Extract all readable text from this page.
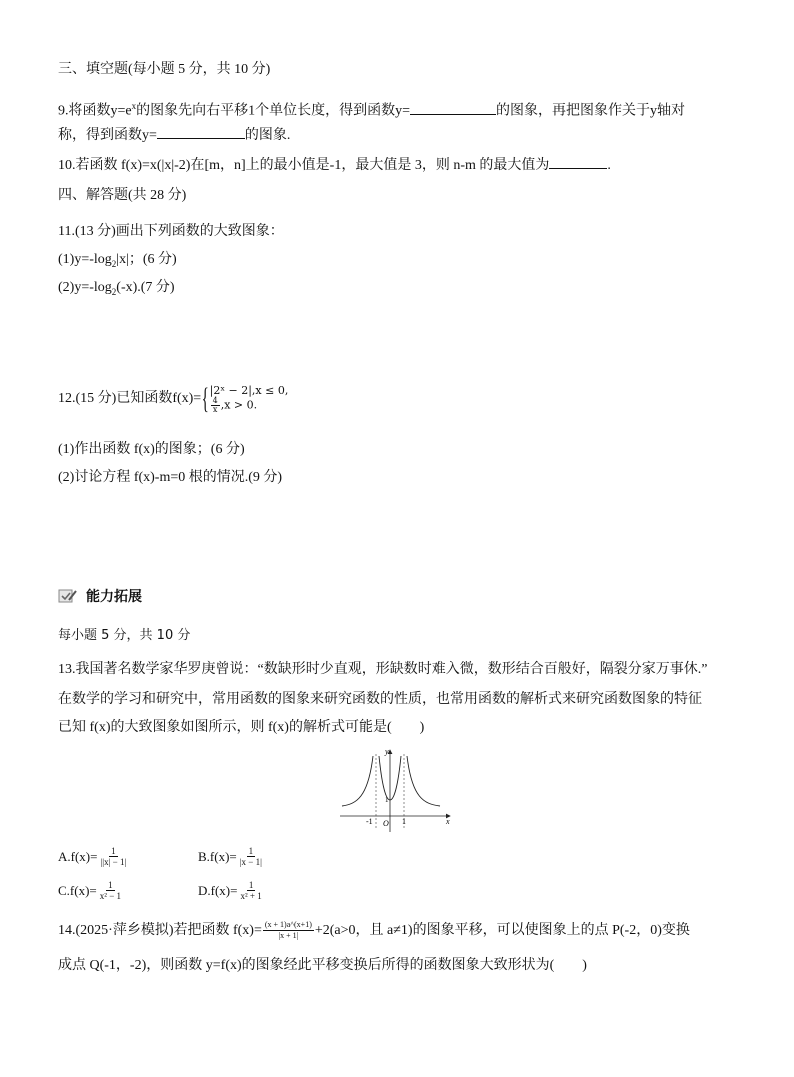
三、填空题(每小题 5 分，共 10 分)
9.将函数$y=e^x$的图象先向右平移1个单位长度，得到函数y=	的图象，再把图象作关于y轴对
称，得到函数y=	的图象.
10.若函数 f(x)=x(|x|-2)在[m，n]上的最小值是-1，最大值是 3，则 n-m 的最大值为	.
四、解答题(共 28 分)
11.(13 分)画出下列函数的大致图象：
$(1)y=-\log_2|x|$；(6 分)
$(2)y=-\log_2(-x).(7$ 分)
12.(15 分)已知函数f(x)={ |2ˣ − 2|,x ≤ 0,
$\frac{4}{x} ,x > 0$.
(1)作出函数 f(x)的图象；(6 分)
(2)讨论方程 f(x)-m=0 根的情况.(9 分)
能力拓展
每小题 5 分，共 10 分
13.我国著名数学家华罗庚曾说：“数缺形时少直观，形缺数时难入微，数形结合百般好，隔裂分家万事休.”
在数学的学习和研究中，常用函数的图象来研究函数的性质，也常用函数的解析式来研究函数图象的特征
已知 f(x)的大致图象如图所示，则 f(x)的解析式可能是(　　)
y
x
O
-1	1
1
$A.f(x)= \frac{1}{||x| - 1|}$	$B.f(x)= \frac{1}{|x - 1|}$
$C.f(x)= \frac{1}{\text{x² − 1}}$	$D.f(x)= \frac{1}{\text{x² + 1}}$
14.(2025·萍乡模拟)若把函数 $f(x)= \frac{(x + 1)a\^{}(x+1)}{|x + 1|} +2(a>0$，且 a≠1)的图象平移，可以使图象上的点 P(-2，0)变换
成点 Q(-1，-2)，则函数 y=f(x)的图象经此平移变换后所得的函数图象大致形状为(　　)
